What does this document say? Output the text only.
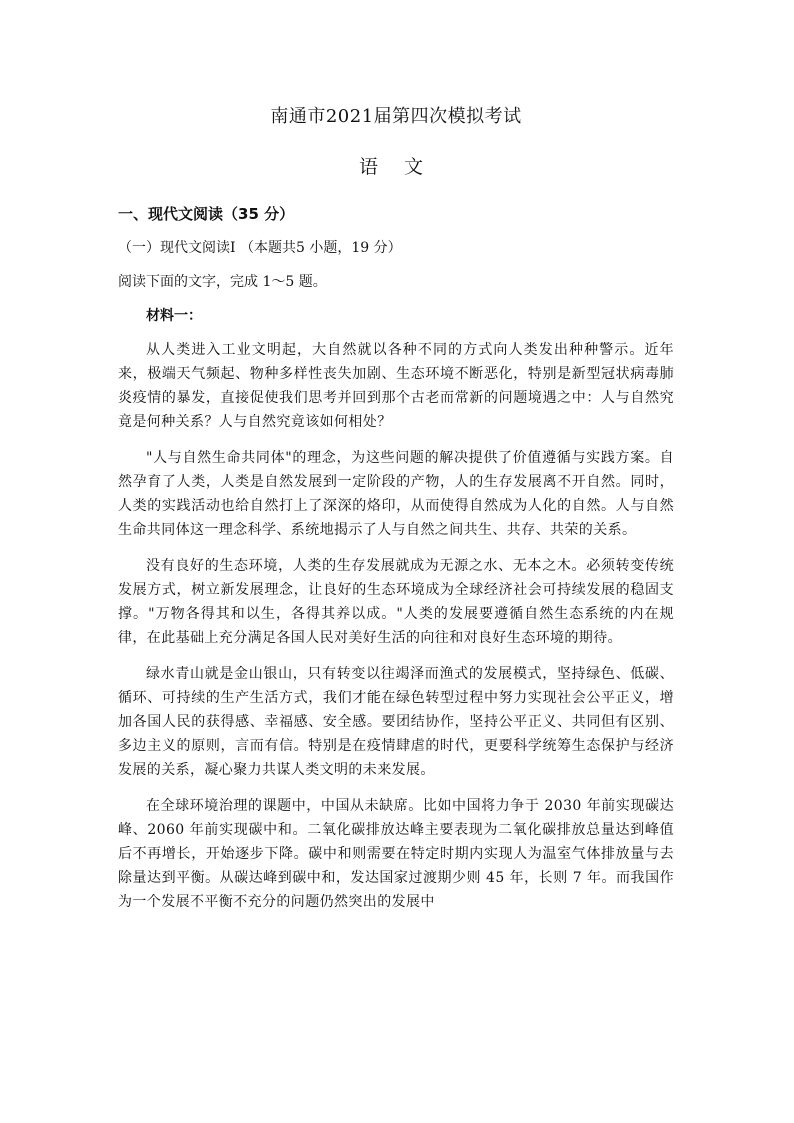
南通市2021届第四次模拟考试
语 文
一、现代文阅读（35 分）
（一）现代文阅读Ⅰ （本题共5 小题，19 分）
阅读下面的文字，完成 1～5 题。
材料一：

从人类进入工业文明起，大自然就以各种不同的方式向人类发出种种警示。近年来，极端天气频起、物种多样性丧失加剧、生态环境不断恶化，特别是新型冠状病毒肺炎疫情的暴发，直接促使我们思考并回到那个古老而常新的问题境遇之中：人与自然究竟是何种关系？人与自然究竟该如何相处？

"人与自然生命共同体"的理念，为这些问题的解决提供了价值遵循与实践方案。自然孕育了人类，人类是自然发展到一定阶段的产物，人的生存发展离不开自然。同时，人类的实践活动也给自然打上了深深的烙印，从而使得自然成为人化的自然。人与自然生命共同体这一理念科学、系统地揭示了人与自然之间共生、共存、共荣的关系。

没有良好的生态环境，人类的生存发展就成为无源之水、无本之木。必须转变传统发展方式，树立新发展理念，让良好的生态环境成为全球经济社会可持续发展的稳固支撑。"万物各得其和以生，各得其养以成。"人类的发展要遵循自然生态系统的内在规律，在此基础上充分满足各国人民对美好生活的向往和对良好生态环境的期待。

绿水青山就是金山银山，只有转变以往竭泽而渔式的发展模式，坚持绿色、低碳、循环、可持续的生产生活方式，我们才能在绿色转型过程中努力实现社会公平正义，增加各国人民的获得感、幸福感、安全感。要团结协作，坚持公平正义、共同但有区别、多边主义的原则，言而有信。特别是在疫情肆虐的时代，更要科学统筹生态保护与经济发展的关系，凝心聚力共谋人类文明的未来发展。

在全球环境治理的课题中，中国从未缺席。比如中国将力争于 2030 年前实现碳达峰、2060 年前实现碳中和。二氧化碳排放达峰主要表现为二氧化碳排放总量达到峰值后不再增长，开始逐步下降。碳中和则需要在特定时期内实现人为温室气体排放量与去除量达到平衡。从碳达峰到碳中和，发达国家过渡期少则 45 年，长则 7 年。而我国作为一个发展不平衡不充分的问题仍然突出的发展中
